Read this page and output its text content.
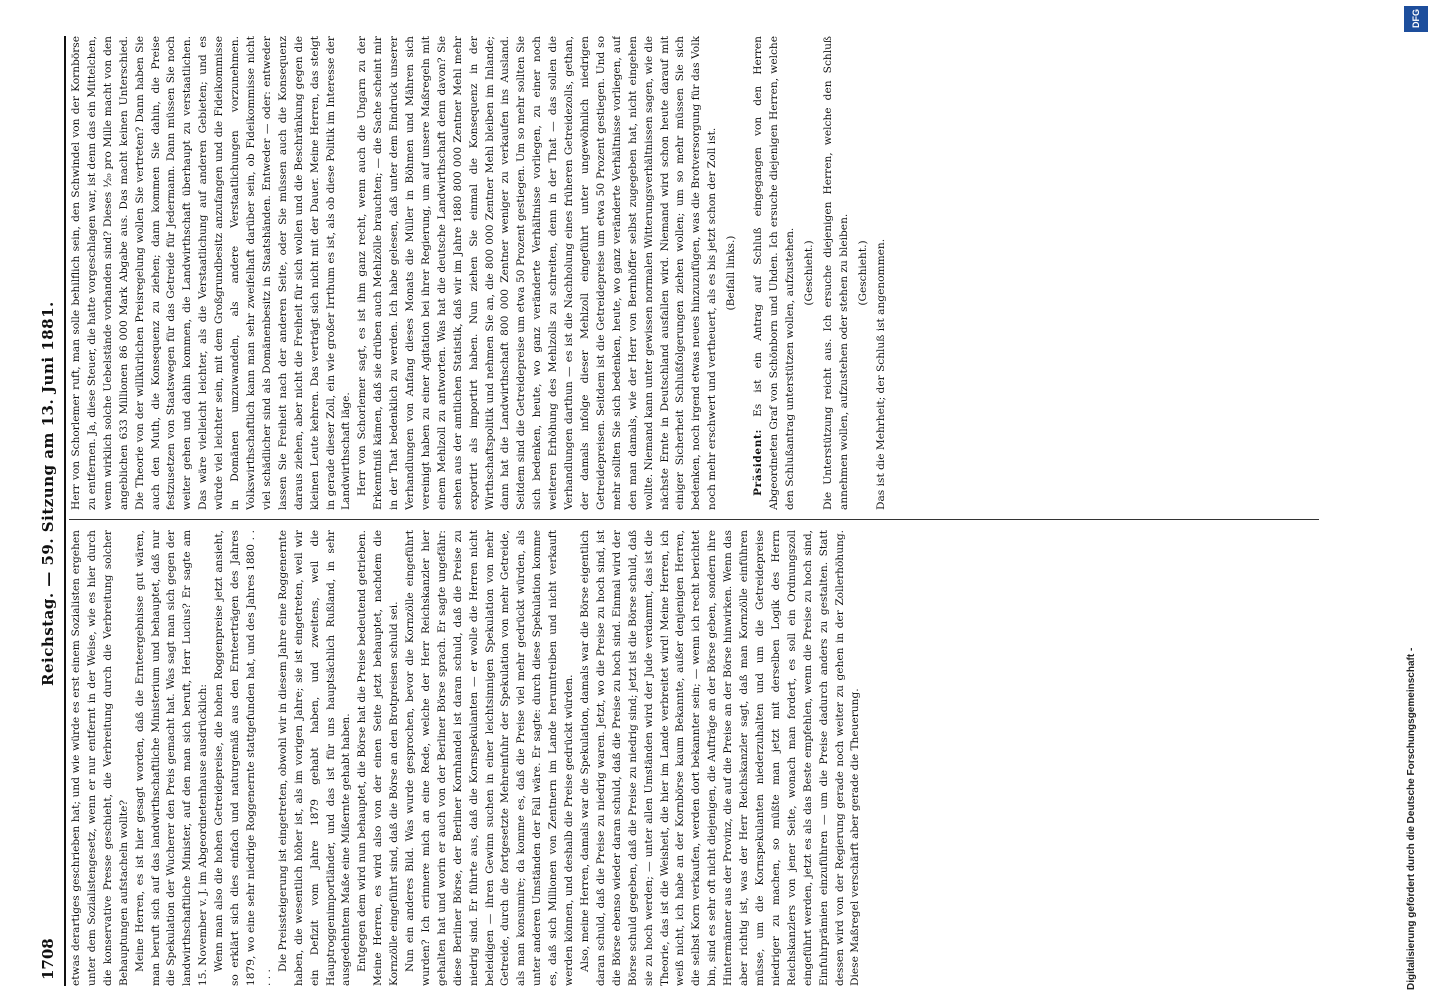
1708
Reichstag. — 59. Sitzung am 13. Juni 1881.

etwas derartiges geschrieben hat; und wie würde es erst einem Sozialisten ergehen unter dem Sozialistengesetz, wenn er nur entfernt in der Weise, wie es hier durch die konservative Presse geschieht, die Verbreitung durch die Verbreitung solcher Behauptungen aufstacheln wollte? Meine Herren, es ist hier gesagt worden, daß die Ernteergebnisse gut wären, man beruft sich auf das landwirthschaftliche Ministerium und behauptet, daß nur die Spekulation der Wucherer den Preis gemacht hat. Was sagt man sich gegen der landwirthschaftliche Minister, auf den man sich beruft, Herr Lucius? Er sagte am 15. November v. J. im Abgeordnetenhause ausdrücklich: Wenn man also die hohen Getreidepreise, die hohen Roggenpreise jetzt ansieht, so erklärt sich dies einfach und naturgemäß aus den Ernteerträgen des Jahres 1879, wo eine sehr niedrige Roggenernte stattgefunden hat, und des Jahres 1880 . . . . .

Die Preissteigerung ist eingetreten, obwohl wir in diesem Jahre eine Roggenernte haben, die wesentlich höher ist, als im vorigen Jahre; sie ist eingetreten, weil wir ein Defizit vom Jahre 1879 gehabt haben, und zweitens, weil die Hauptroggenimportländer, und das ist für uns hauptsächlich Rußland, in sehr ausgedehntem Maße eine Mißernte gehabt haben. Entgegen dem wird nun behauptet, die Börse hat die Preise bedeutend getrieben. Meine Herren, es wird also von der einen Seite jetzt behauptet, nachdem die Kornzölle eingeführt sind, daß die Börse an den Brotpreisen schuld sei. Nun ein anderes Bild. Was wurde gesprochen, bevor die Kornzölle eingeführt wurden? Ich erinnere mich an eine Rede, welche der Herr Reichskanzler hier gehalten hat und worin er auch von der Berliner Börse sprach. Er sagte ungefähr: diese Berliner Börse, der Berliner Kornhandel ist daran schuld, daß die Preise zu niedrig sind. Er führte aus, daß die Kornspekulanten — er wolle die Herren nicht beleidigen — ihren Gewinn suchen in einer leichtsinnigen Spekulation von mehr Getreide, durch die fortgesetzte Mehreinfuhr der Spekulation von mehr Getreide, als man konsumire; da komme es, daß die Preise viel mehr gedrückt würden, als unter anderen Umständen der Fall wäre. Er sagte: durch diese Spekulation komme es, daß sich Millionen von Zentnern im Lande herumtreiben und nicht verkauft werden können, und deshalb die Preise gedrückt würden. Also, meine Herren, damals war die Spekulation, damals war die Börse eigentlich daran schuld, daß die Preise zu niedrig waren. Jetzt, wo die Preise zu hoch sind, ist die Börse ebenso wieder daran schuld, daß die Preise zu hoch sind. Einmal wird der Börse schuld gegeben, daß die Preise zu niedrig sind; jetzt ist die Börse schuld, daß sie zu hoch werden; — unter allen Umständen wird der Jude verdammt, das ist die Theorie, das ist die Weisheit, die hier im Lande verbreitet wird! Meine Herren, ich weiß nicht, ich habe an der Kornbörse kaum Bekannte, außer denjenigen Herren, die selbst Korn verkaufen, werden dort bekannter sein; — wenn ich recht berichtet bin, sind es sehr oft nicht diejenigen, die Aufträge an der Börse geben, sondern ihre Hintermänner aus der Provinz, die auf die Preise an der Börse hinwirken. Wenn das aber richtig ist, was der Herr Reichskanzler sagt, daß man Kornzölle einführen müsse, um die Kornspekulanten niederzuhalten und um die Getreidepreise niedriger zu machen, so müßte man jetzt mit derselben Logik des Herrn Reichskanzlers von jener Seite, wonach man fordert, es soll ein Ordnungszoll eingeführt werden, jetzt es als das Beste empfehlen, wenn die Preise zu hoch sind, Einfuhrprämien einzuführen — um die Preise dadurch anders zu gestalten. Statt dessen wird von der Regierung gerade noch weiter zu gehen in der Zollerhöhung. Diese Maßregel verschärft aber gerade die Theuerung.

Herr von Schorlemer ruft, man solle behilflich sein, den Schwindel von der Kornbörse zu entfernen. Ja, diese Steuer, die hatte vorgeschlagen war, ist denn das ein Mittelchen, wenn wirklich solche Uebelstände vorhanden sind? Dieses ½₀ pro Mille macht von den angeblichen 633 Millionen 86 000 Mark Abgabe aus. Das macht keinen Unterschied. Die Theorie von der willkürlichen Preisregelung wollen Sie vertreten? Dann haben Sie auch den Muth, die Konsequenz zu ziehen; dann kommen Sie dahin, die Preise festzusetzen von Staatswegen für das Getreide für Jedermann. Dann müssen Sie noch weiter gehen und dahin kommen, die Landwirthschaft überhaupt zu verstaatlichen. Das wäre vielleicht leichter, als die Verstaatlichung auf anderen Gebieten; und es würde viel leichter sein, mit dem Großgrundbesitz anzufangen und die Fideikommisse in Domänen umzuwandeln, als andere Verstaatlichungen vorzunehmen. Volkswirthschaftlich kann man sehr zweifelhaft darüber sein, ob Fideikommisse nicht viel schädlicher sind als Domänenbesitz in Staatshänden. Entweder — oder: entweder lassen Sie Freiheit nach der anderen Seite, oder Sie müssen auch die Konsequenz daraus ziehen, aber nicht die Freiheit für sich wollen und die Beschränkung gegen die kleinen Leute kehren. Das verträgt sich nicht mit der Dauer. Meine Herren, das steigt in gerade dieser Zoll, ein wie großer Irrthum es ist, als ob diese Politik im Interesse der Landwirthschaft läge. Herr von Schorlemer sagt, es ist ihm ganz recht, wenn auch die Ungarn zu der Erkenntniß kämen, daß sie drüben auch Mehlzölle brauchten; — die Sache scheint mir in der That bedenklich zu werden. Ich habe gelesen, daß unter dem Eindruck unserer Verhandlungen von Anfang dieses Monats die Müller in Böhmen und Mähren sich vereinigt haben zu einer Agitation bei ihrer Regierung, um auf unsere Maßregeln mit einem Mehlzoll zu antworten. Was hat die deutsche Landwirthschaft denn davon? Sie sehen aus der amtlichen Statistik, daß wir im Jahre 1880 800 000 Zentner Mehl mehr exportirt als importirt haben. Nun ziehen Sie einmal die Konsequenz in der Wirthschaftspolitik und nehmen Sie an, die 800 000 Zentner Mehl bleiben im Inlande; dann hat die Landwirthschaft 800 000 Zentner weniger zu verkaufen ins Ausland. Seitdem sind die Getreidepreise um etwa 50 Prozent gestiegen. Um so mehr sollten Sie sich bedenken, heute, wo ganz veränderte Verhältnisse vorliegen, zu einer noch weiteren Erhöhung des Mehlzolls zu schreiten, denn in der That — das sollen die Verhandlungen darthun — es ist die Nachholung eines früheren Getreidezolls, gethan, der damals infolge dieser Mehlzoll eingeführt unter ungewöhnlich niedrigen Getreidepreisen. Seitdem ist die Getreidepreise um etwa 50 Prozent gestiegen. Und so mehr sollten Sie sich bedenken, heute, wo ganz veränderte Verhältnisse vorliegen, auf den man damals, wie der Herr von Bernhöffer selbst zugegeben hat, nicht eingehen wollte. Niemand kann unter gewissen normalen Witterungsverhältnissen sagen, wie die nächste Ernte in Deutschland ausfallen wird. Niemand wird schon heute darauf mit einiger Sicherheit Schlußfolgerungen ziehen wollen; um so mehr müssen Sie sich bedenken, noch irgend etwas neues hinzuzufügen, was die Brotversorgung für das Volk noch mehr erschwert und vertheuert, als es bis jetzt schon der Zoll ist. (Beifall links.)

Präsident: Es ist ein Antrag auf Schluß eingegangen von den Herren Abgeordneten Graf von Schönborn und Uhden. Ich ersuche diejenigen Herren, welche den Schlußantrag unterstützen wollen, aufzustehen. (Geschieht.) Die Unterstützung reicht aus. Ich ersuche diejenigen Herren, welche den Schluß annehmen wollen, aufzustehen oder stehen zu bleiben. (Geschieht.) Das ist die Mehrheit; der Schluß ist angenommen.

DFG
Digitalisierung gefördert durch die Deutsche Forschungsgemeinschaft -
